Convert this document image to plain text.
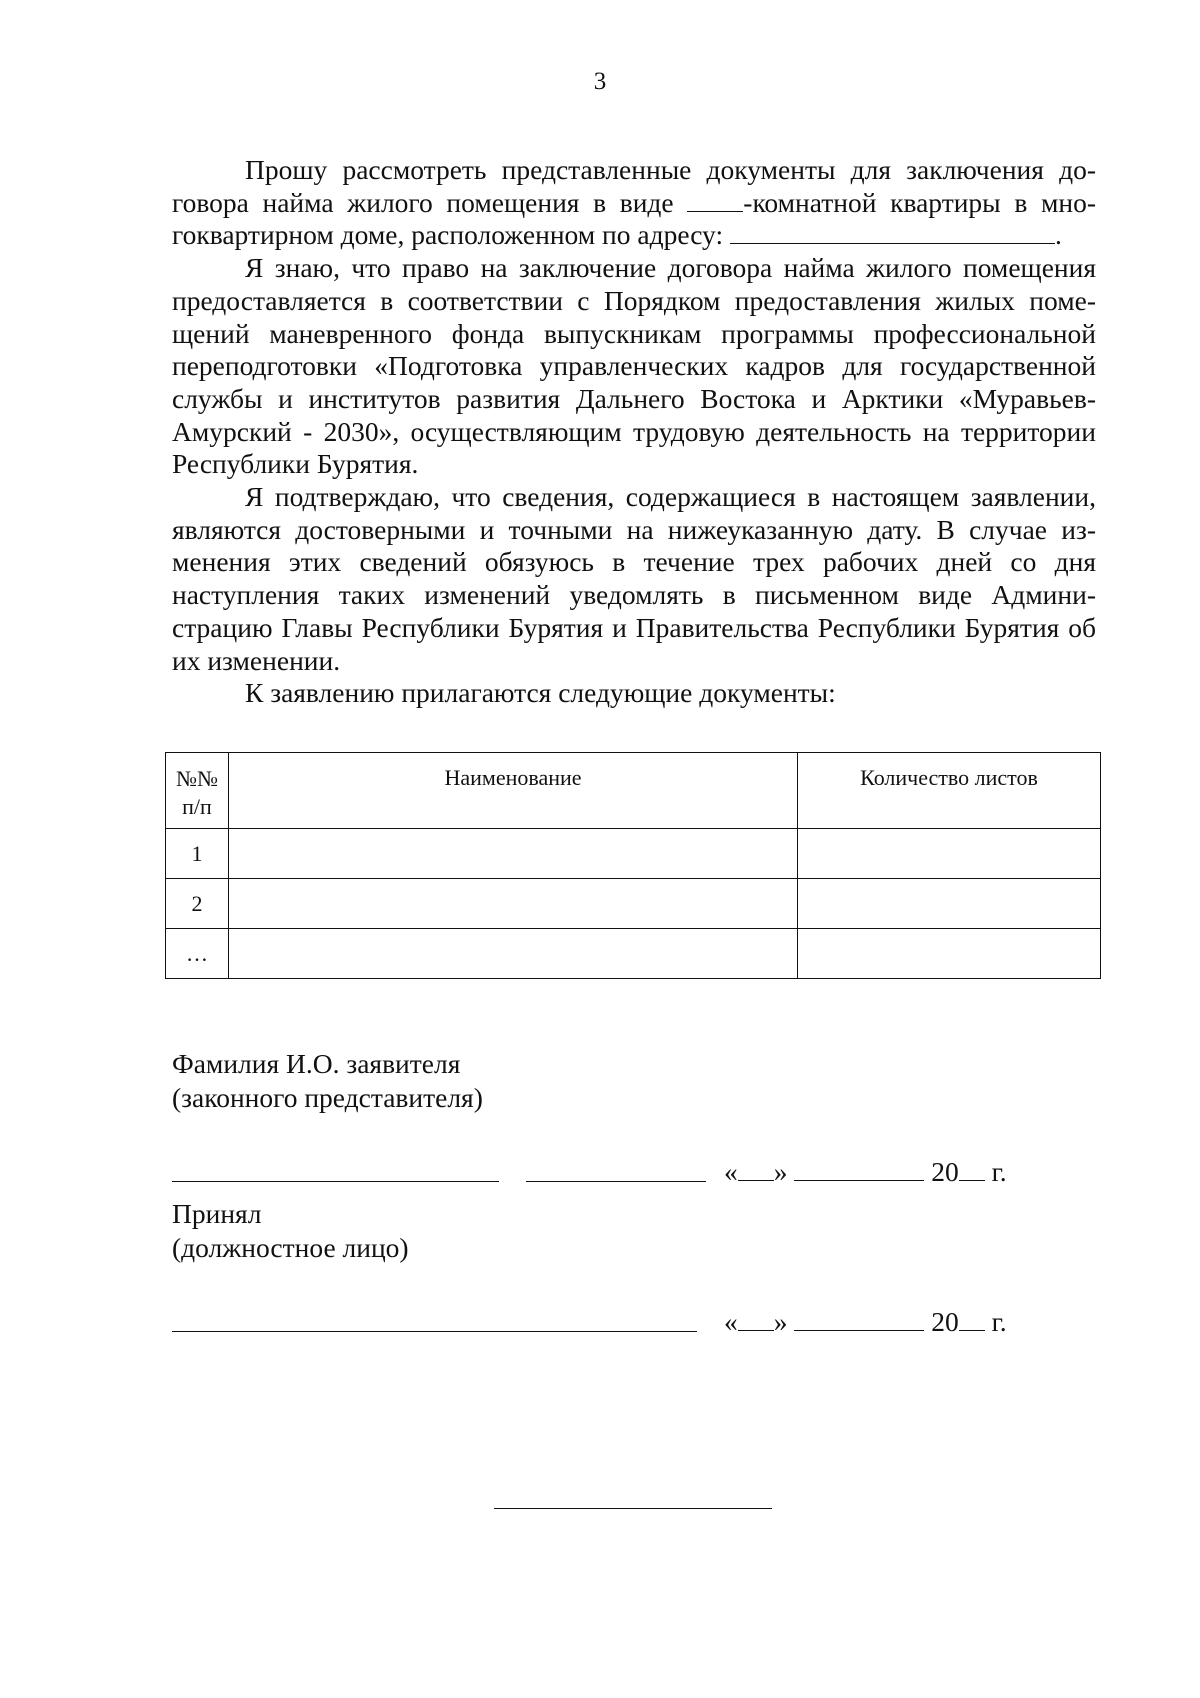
3

Прошу рассмотреть представленные документы для заключения договора найма жилого помещения в виде -комнатной квартиры в многоквартирном доме, расположенном по адресу:	.

Я знаю, что право на заключение договора найма жилого помещения предоставляется в соответствии с Порядком предоставления жилых помещений маневренного фонда выпускникам программы профессиональной переподготовки «Подготовка управленческих кадров для государственной службы и институтов развития Дальнего Востока и Арктики «Муравьев-Амурский - 2030», осуществляющим трудовую деятельность на территории Республики Бурятия.

Я подтверждаю, что сведения, содержащиеся в настоящем заявлении, являются достоверными и точными на нижеуказанную дату. В случае изменения этих сведений обязуюсь в течение трех рабочих дней со дня наступления таких изменений уведомлять в письменном виде Администрацию Главы Республики Бурятия и Правительства Республики Бурятия об их изменении.

К заявлению прилагаются следующие документы:

№№
п/п	Наименование	Количество листов
1		
2		
…		
Фамилия И.О. заявителя
(законного представителя)
« »	20 г.
Принял
(должностное лицо)
« »	20 г.
